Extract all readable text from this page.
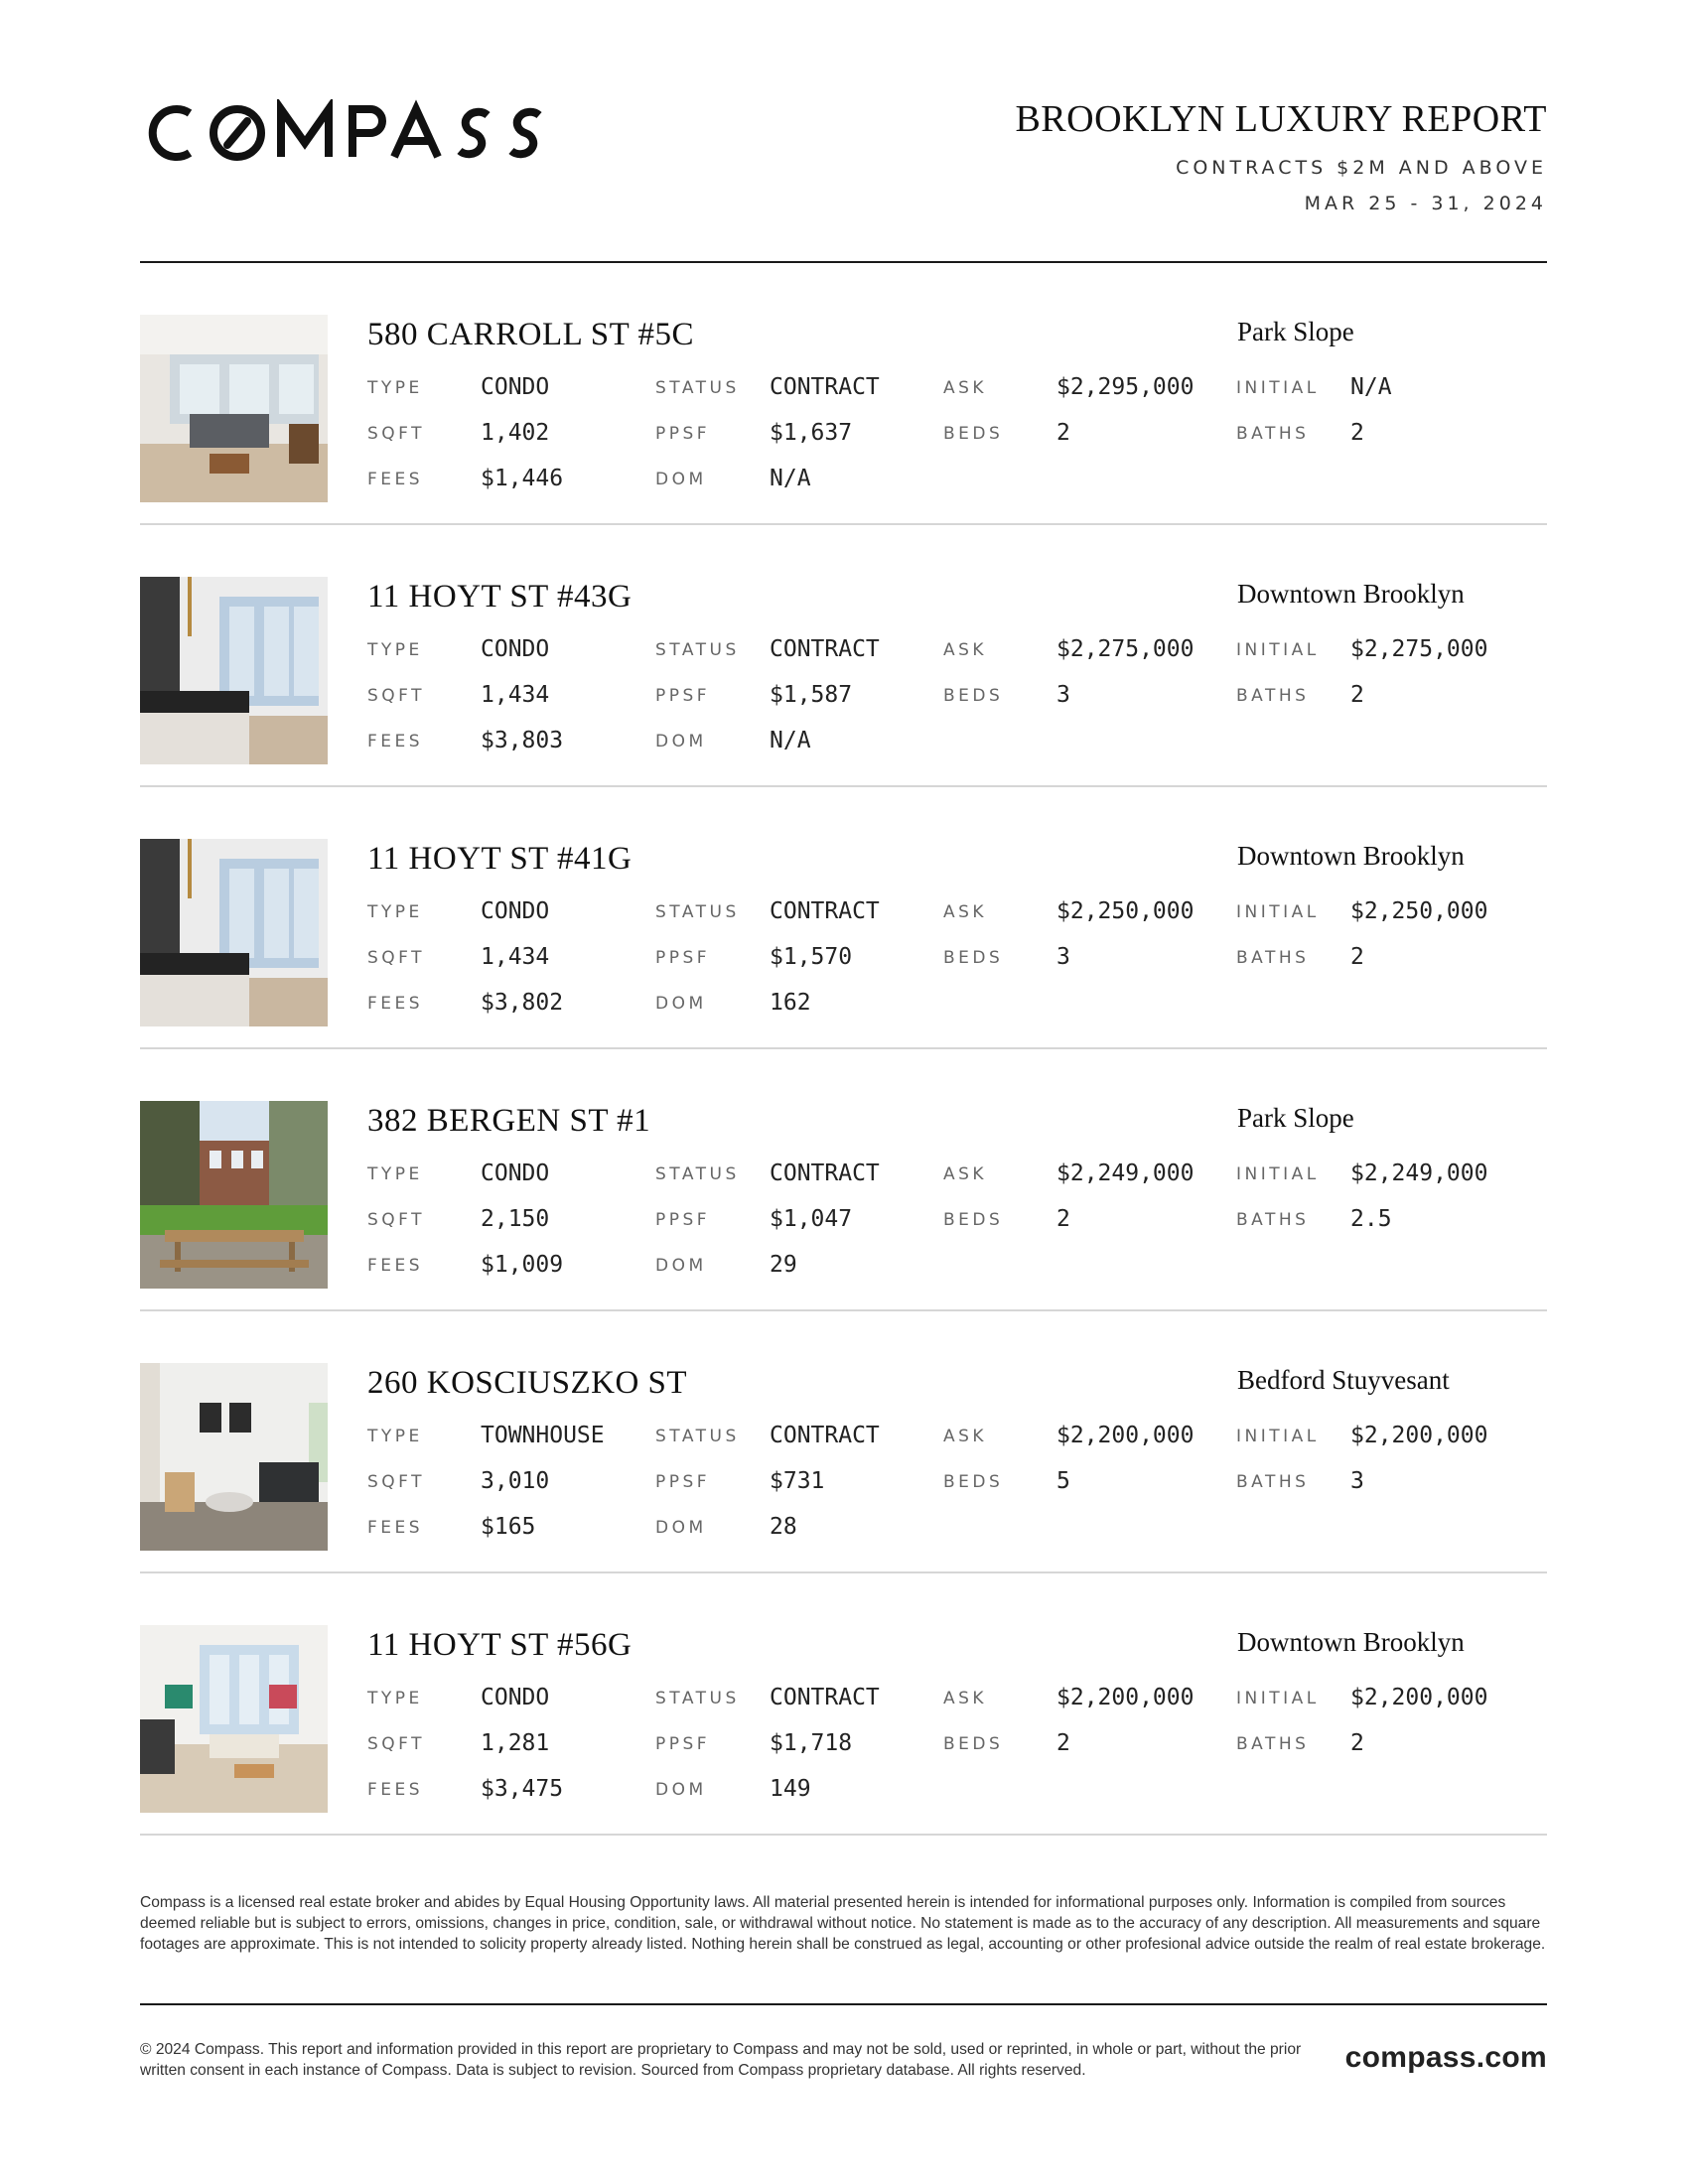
BROOKLYN LUXURY REPORT
CONTRACTS $2M AND ABOVE
MAR 25 - 31, 2024
580 CARROLL ST #5C	Park Slope
TYPE	CONDO	STATUS CONTRACT	ASK	$2,295,000	INITIAL N/A
SQFT 1,402	PPSF	$1,637	BEDS 2	BATHS 2
FEES	$1,446	DOM	N/A
11 HOYT ST #43G	Downtown Brooklyn
TYPE	CONDO	STATUS CONTRACT	ASK	$2,275,000	INITIAL $2,275,000
SQFT 1,434	PPSF	$1,587	BEDS 3	BATHS 2
FEES	$3,803	DOM	N/A
11 HOYT ST #41G	Downtown Brooklyn
TYPE	CONDO	STATUS CONTRACT	ASK	$2,250,000	INITIAL $2,250,000
SQFT 1,434	PPSF	$1,570	BEDS 3	BATHS 2
FEES	$3,802	DOM	162
382 BERGEN ST #1	Park Slope
TYPE	CONDO	STATUS CONTRACT	ASK	$2,249,000	INITIAL $2,249,000
SQFT 2,150	PPSF	$1,047	BEDS 2	BATHS 2.5
FEES	$1,009	DOM	29
260 KOSCIUSZKO ST	Bedford Stuyvesant
TYPE	TOWNHOUSE	STATUS CONTRACT	ASK	$2,200,000	INITIAL $2,200,000
SQFT 3,010	PPSF	$731	BEDS 5	BATHS 3
FEES	$165	DOM	28
11 HOYT ST #56G	Downtown Brooklyn
TYPE	CONDO	STATUS CONTRACT	ASK	$2,200,000	INITIAL $2,200,000
SQFT 1,281	PPSF	$1,718	BEDS 2	BATHS 2
FEES	$3,475	DOM	149
Compass is a licensed real estate broker and abides by Equal Housing Opportunity laws. All material presented herein is intended for informational purposes only. Information is compiled from sources deemed reliable but is subject to errors, omissions, changes in price, condition, sale, or withdrawal without notice. No statement is made as to the accuracy of any description. All measurements and square footages are approximate. This is not intended to solicity property already listed. Nothing herein shall be construed as legal, accounting or other profesional advice outside the realm of real estate brokerage.
© 2024 Compass. This report and information provided in this report are proprietary to Compass and may not be sold, used or reprinted, in whole or part, without the prior written consent in each instance of Compass. Data is subject to revision. Sourced from Compass proprietary database. All rights reserved.	compass.com
